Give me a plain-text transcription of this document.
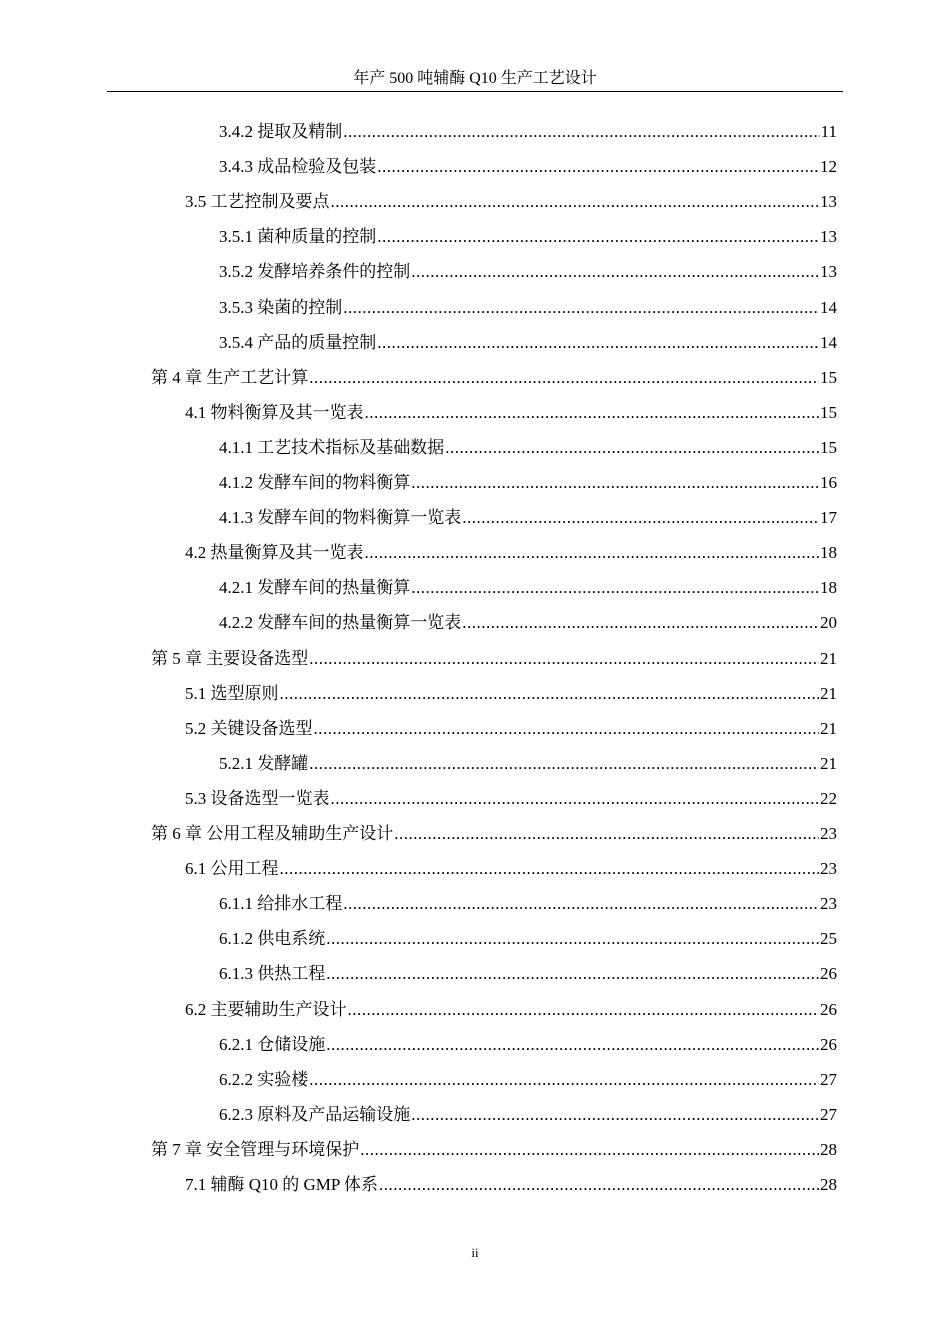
年产 500 吨辅酶 Q10 生产工艺设计
3.4.2 提取及精制 .....	11
3.4.3 成品检验及包装 .....	12
3.5 工艺控制及要点 .....	13
3.5.1 菌种质量的控制 .....	13
3.5.2 发酵培养条件的控制 .....	13
3.5.3 染菌的控制 .....	14
3.5.4 产品的质量控制 .....	14
第 4 章 生产工艺计算 .....	15
4.1 物料衡算及其一览表 .....	15
4.1.1 工艺技术指标及基础数据 .....	15
4.1.2 发酵车间的物料衡算 .....	16
4.1.3 发酵车间的物料衡算一览表 .....	17
4.2 热量衡算及其一览表 .....	18
4.2.1 发酵车间的热量衡算 .....	18
4.2.2 发酵车间的热量衡算一览表 .....	20
第 5 章 主要设备选型 .....	21
5.1 选型原则 .....	21
5.2 关键设备选型 .....	21
5.2.1 发酵罐 .....	21
5.3 设备选型一览表 .....	22
第 6 章 公用工程及辅助生产设计 .....	23
6.1 公用工程 .....	23
6.1.1 给排水工程 .....	23
6.1.2 供电系统 .....	25
6.1.3 供热工程 .....	26
6.2 主要辅助生产设计 .....	26
6.2.1 仓储设施 .....	26
6.2.2 实验楼 .....	27
6.2.3 原料及产品运输设施 .....	27
第 7 章 安全管理与环境保护 .....	28
7.1 辅酶 Q10 的 GMP 体系 .....	28
ii
